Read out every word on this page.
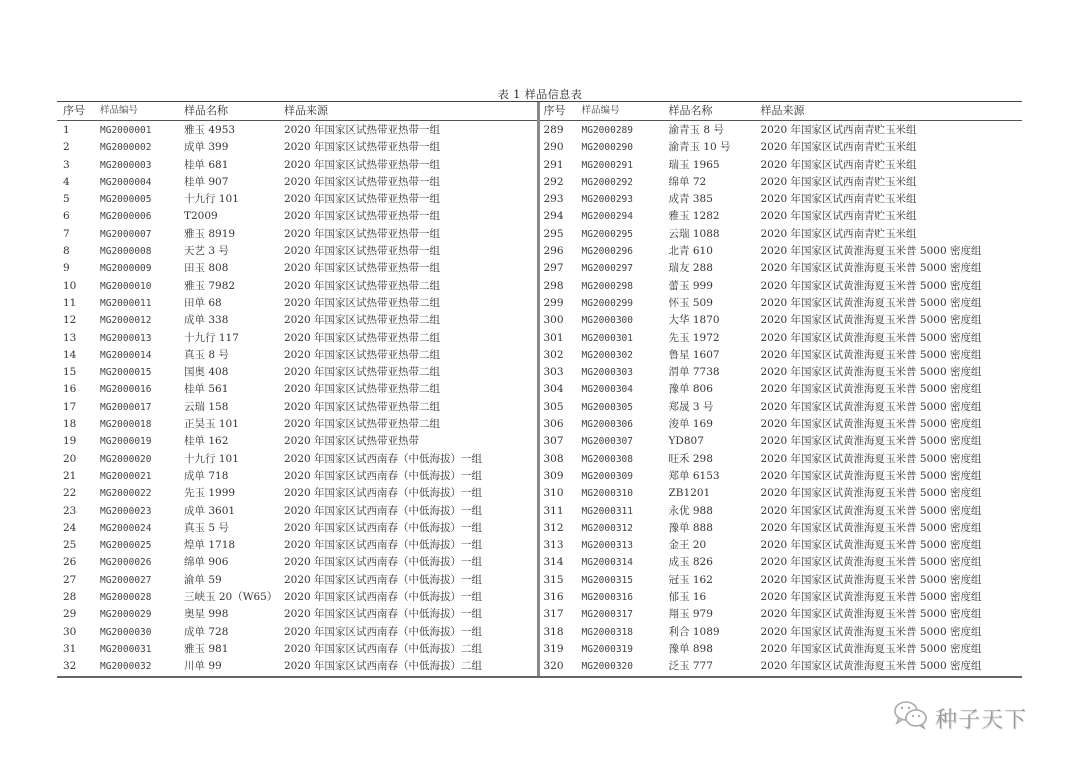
表 1 样品信息表
序号	样品编号	样品名称	样品来源
1	MG2000001	雅玉 4953	2020 年国家区试热带亚热带一组
2	MG2000002	成单 399	2020 年国家区试热带亚热带一组
3	MG2000003	桂单 681	2020 年国家区试热带亚热带一组
4	MG2000004	桂单 907	2020 年国家区试热带亚热带一组
5	MG2000005	十九行 101	2020 年国家区试热带亚热带一组
6	MG2000006	T2009	2020 年国家区试热带亚热带一组
7	MG2000007	雅玉 8919	2020 年国家区试热带亚热带一组
8	MG2000008	天艺 3 号	2020 年国家区试热带亚热带一组
9	MG2000009	田玉 808	2020 年国家区试热带亚热带一组
10	MG2000010	雅玉 7982	2020 年国家区试热带亚热带二组
11	MG2000011	田单 68	2020 年国家区试热带亚热带二组
12	MG2000012	成单 338	2020 年国家区试热带亚热带二组
13	MG2000013	十九行 117	2020 年国家区试热带亚热带二组
14	MG2000014	真玉 8 号	2020 年国家区试热带亚热带二组
15	MG2000015	国奥 408	2020 年国家区试热带亚热带二组
16	MG2000016	桂单 561	2020 年国家区试热带亚热带二组
17	MG2000017	云瑞 158	2020 年国家区试热带亚热带二组
18	MG2000018	正昊玉 101	2020 年国家区试热带亚热带二组
19	MG2000019	桂单 162	2020 年国家区试热带亚热带
20	MG2000020	十九行 101	2020 年国家区试西南春（中低海拔）一组
21	MG2000021	成单 718	2020 年国家区试西南春（中低海拔）一组
22	MG2000022	先玉 1999	2020 年国家区试西南春（中低海拔）一组
23	MG2000023	成单 3601	2020 年国家区试西南春（中低海拔）一组
24	MG2000024	真玉 5 号	2020 年国家区试西南春（中低海拔）一组
25	MG2000025	煌单 1718	2020 年国家区试西南春（中低海拔）一组
26	MG2000026	绵单 906	2020 年国家区试西南春（中低海拔）一组
27	MG2000027	渝单 59	2020 年国家区试西南春（中低海拔）一组
28	MG2000028	三峡玉 20（W65） 2020 年国家区试西南春（中低海拔）一组
29	MG2000029	奥星 998	2020 年国家区试西南春（中低海拔）一组
30	MG2000030	成单 728	2020 年国家区试西南春（中低海拔）一组
31	MG2000031	雅玉 981	2020 年国家区试西南春（中低海拔）二组
32	MG2000032	川单 99	2020 年国家区试西南春（中低海拔）二组
序号	样品编号	样品名称	样品来源
289	MG2000289	渝青玉 8 号	2020 年国家区试西南青贮玉米组
290	MG2000290	渝青玉 10 号	2020 年国家区试西南青贮玉米组
291	MG2000291	瑞玉 1965	2020 年国家区试西南青贮玉米组
292	MG2000292	绵单 72	2020 年国家区试西南青贮玉米组
293	MG2000293	成青 385	2020 年国家区试西南青贮玉米组
294	MG2000294	雅玉 1282	2020 年国家区试西南青贮玉米组
295	MG2000295	云瑞 1088	2020 年国家区试西南青贮玉米组
296	MG2000296	北青 610	2020 年国家区试黄淮海夏玉米普 5000 密度组
297	MG2000297	瑞友 288	2020 年国家区试黄淮海夏玉米普 5000 密度组
298	MG2000298	蕾玉 999	2020 年国家区试黄淮海夏玉米普 5000 密度组
299	MG2000299	怀玉 509	2020 年国家区试黄淮海夏玉米普 5000 密度组
300	MG2000300	大华 1870	2020 年国家区试黄淮海夏玉米普 5000 密度组
301	MG2000301	先玉 1972	2020 年国家区试黄淮海夏玉米普 5000 密度组
302	MG2000302	鲁星 1607	2020 年国家区试黄淮海夏玉米普 5000 密度组
303	MG2000303	渭单 7738	2020 年国家区试黄淮海夏玉米普 5000 密度组
304	MG2000304	豫单 806	2020 年国家区试黄淮海夏玉米普 5000 密度组
305	MG2000305	郑晟 3 号	2020 年国家区试黄淮海夏玉米普 5000 密度组
306	MG2000306	浚单 169	2020 年国家区试黄淮海夏玉米普 5000 密度组
307	MG2000307	YD807	2020 年国家区试黄淮海夏玉米普 5000 密度组
308	MG2000308	旺禾 298	2020 年国家区试黄淮海夏玉米普 5000 密度组
309	MG2000309	郑单 6153	2020 年国家区试黄淮海夏玉米普 5000 密度组
310	MG2000310	ZB1201	2020 年国家区试黄淮海夏玉米普 5000 密度组
311	MG2000311	永优 988	2020 年国家区试黄淮海夏玉米普 5000 密度组
312	MG2000312	豫单 888	2020 年国家区试黄淮海夏玉米普 5000 密度组
313	MG2000313	金王 20	2020 年国家区试黄淮海夏玉米普 5000 密度组
314	MG2000314	成玉 826	2020 年国家区试黄淮海夏玉米普 5000 密度组
315	MG2000315	冠玉 162	2020 年国家区试黄淮海夏玉米普 5000 密度组
316	MG2000316	郁玉 16	2020 年国家区试黄淮海夏玉米普 5000 密度组
317	MG2000317	翔玉 979	2020 年国家区试黄淮海夏玉米普 5000 密度组
318	MG2000318	利合 1089	2020 年国家区试黄淮海夏玉米普 5000 密度组
319	MG2000319	豫单 898	2020 年国家区试黄淮海夏玉米普 5000 密度组
320	MG2000320	泛玉 777	2020 年国家区试黄淮海夏玉米普 5000 密度组
种子天下
